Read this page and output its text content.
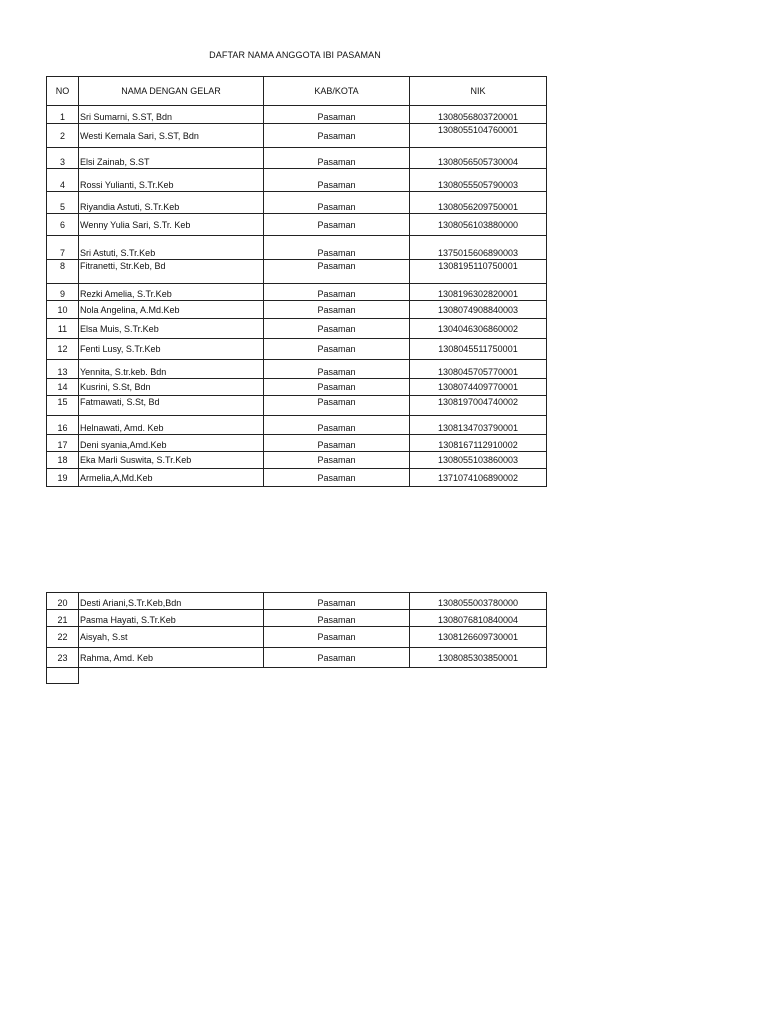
DAFTAR NAMA ANGGOTA IBI PASAMAN
NO	NAMA DENGAN GELAR	KAB/KOTA	NIK
1	Sri Sumarni, S.ST, Bdn	Pasaman	1308056803720001
2	Westi Kemala Sari, S.ST, Bdn	Pasaman	1308055104760001
3	Elsi Zainab, S.ST	Pasaman	1308056505730004
4	Rossi Yulianti, S.Tr.Keb	Pasaman	1308055505790003
5	Riyandia Astuti, S.Tr.Keb	Pasaman	1308056209750001
6	Wenny Yulia Sari, S.Tr. Keb	Pasaman	1308056103880000
7	Sri Astuti, S.Tr.Keb	Pasaman	1375015606890003
8	Fitranetti, Str.Keb, Bd	Pasaman	1308195110750001
9	Rezki Amelia, S.Tr.Keb	Pasaman	1308196302820001
10	Nola Angelina, A.Md.Keb	Pasaman	1308074908840003
11	Elsa Muis, S.Tr.Keb	Pasaman	1304046306860002
12	Fenti Lusy, S.Tr.Keb	Pasaman	1308045511750001
13	Yennita, S.tr.keb. Bdn	Pasaman	1308045705770001
14	Kusrini, S.St, Bdn	Pasaman	1308074409770001
15	Fatmawati, S.St, Bd	Pasaman	1308197004740002
16	Helnawati, Amd. Keb	Pasaman	1308134703790001
17	Deni syania,Amd.Keb	Pasaman	1308167112910002
18	Eka Marli Suswita, S.Tr.Keb	Pasaman	1308055103860003
19	Armelia,A,Md.Keb	Pasaman	1371074106890002
20	Desti Ariani,S.Tr.Keb,Bdn	Pasaman	1308055003780000
21	Pasma Hayati, S.Tr.Keb	Pasaman	1308076810840004
22	Aisyah, S.st	Pasaman	1308126609730001
23	Rahma, Amd. Keb	Pasaman	1308085303850001
